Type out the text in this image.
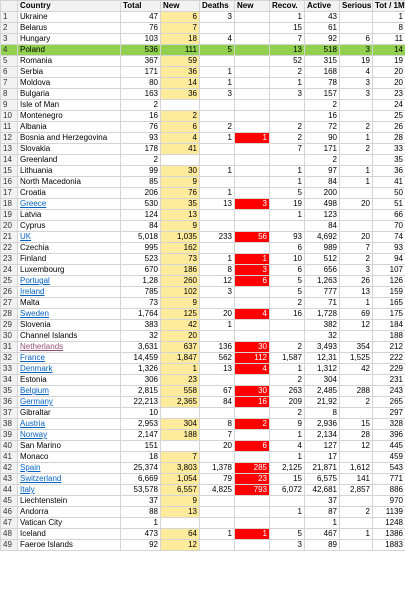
	Country	Total	New	Deaths	New	Recov.	Active	Serious	Tot / 1M
1	Ukraine	47	6	3		1	43		1
2	Belarus	76	7			15	61		8
3	Hungary	103	18	4		7	92	6	11
4	Poland	536	111	5		13	518	3	14
5	Romania	367	59			52	315	19	19
6	Serbia	171	36	1		2	168	4	20
7	Moldova	80	14	1		1	78	3	20
8	Bulgaria	163	36	3		3	157	3	23
9	Isle of Man	2					2		24
10	Montenegro	16	2				16		25
11	Albania	76	6	2		2	72	2	26
12	Bosnia and Herzegovina	93	4	1	1	2	90	1	28
13	Slovakia	178	41			7	171	2	33
14	Greenland	2					2		35
15	Lithuania	99	30	1		1	97	1	36
16	North Macedonia	85	9			1	84	1	41
17	Croatia	206	76	1		5	200		50
18	Greece	530	35	13	3	19	498	20	51
19	Latvia	124	13			1	123		66
20	Cyprus	84	9				84		70
21	UK	5,018	1,035	233	56	93	4,692	20	74
22	Czechia	995	162			6	989	7	93
23	Finland	523	73	1	1	10	512	2	94
24	Luxembourg	670	186	8	3	6	656	3	107
25	Portugal	1,28	260	12	6	5	1,263	26	126
26	Ireland	785	102	3		5	777	13	159
27	Malta	73	9			2	71	1	165
28	Sweden	1,764	125	20	4	16	1,728	69	175
29	Slovenia	383	42	1			382	12	184
30	Channel Islands	32	20				32		188
31	Netherlands	3,631	637	136	30	2	3,493	354	212
32	France	14,459	1,847	562	112	1,587	12,31	1,525	222
33	Denmark	1,326	1	13	4	1	1,312	42	229
34	Estonia	306	23			2	304		231
35	Belgium	2,815	558	67	30	263	2,485	288	243
36	Germany	22,213	2,365	84	16	209	21,92	2	265
37	Gibraltar	10				2	8		297
38	Austria	2,953	304	8	2	9	2,936	15	328
39	Norway	2,147	188	7		1	2,134	28	396
40	San Marino	151		20	6	4	127	12	445
41	Monaco	18	7			1	17		459
42	Spain	25,374	3,803	1,378	285	2,125	21,871	1,612	543
43	Switzerland	6,669	1,054	79	23	15	6,575	141	771
44	Italy	53,578	6,557	4,825	793	6,072	42,681	2,857	886
45	Liechtenstein	37	9				37		970
46	Andorra	88	13			1	87	2	1139
47	Vatican City	1					1		1248
48	Iceland	473	64	1	1	5	467	1	1386
49	Faeroe Islands	92	12			3	89		1883
